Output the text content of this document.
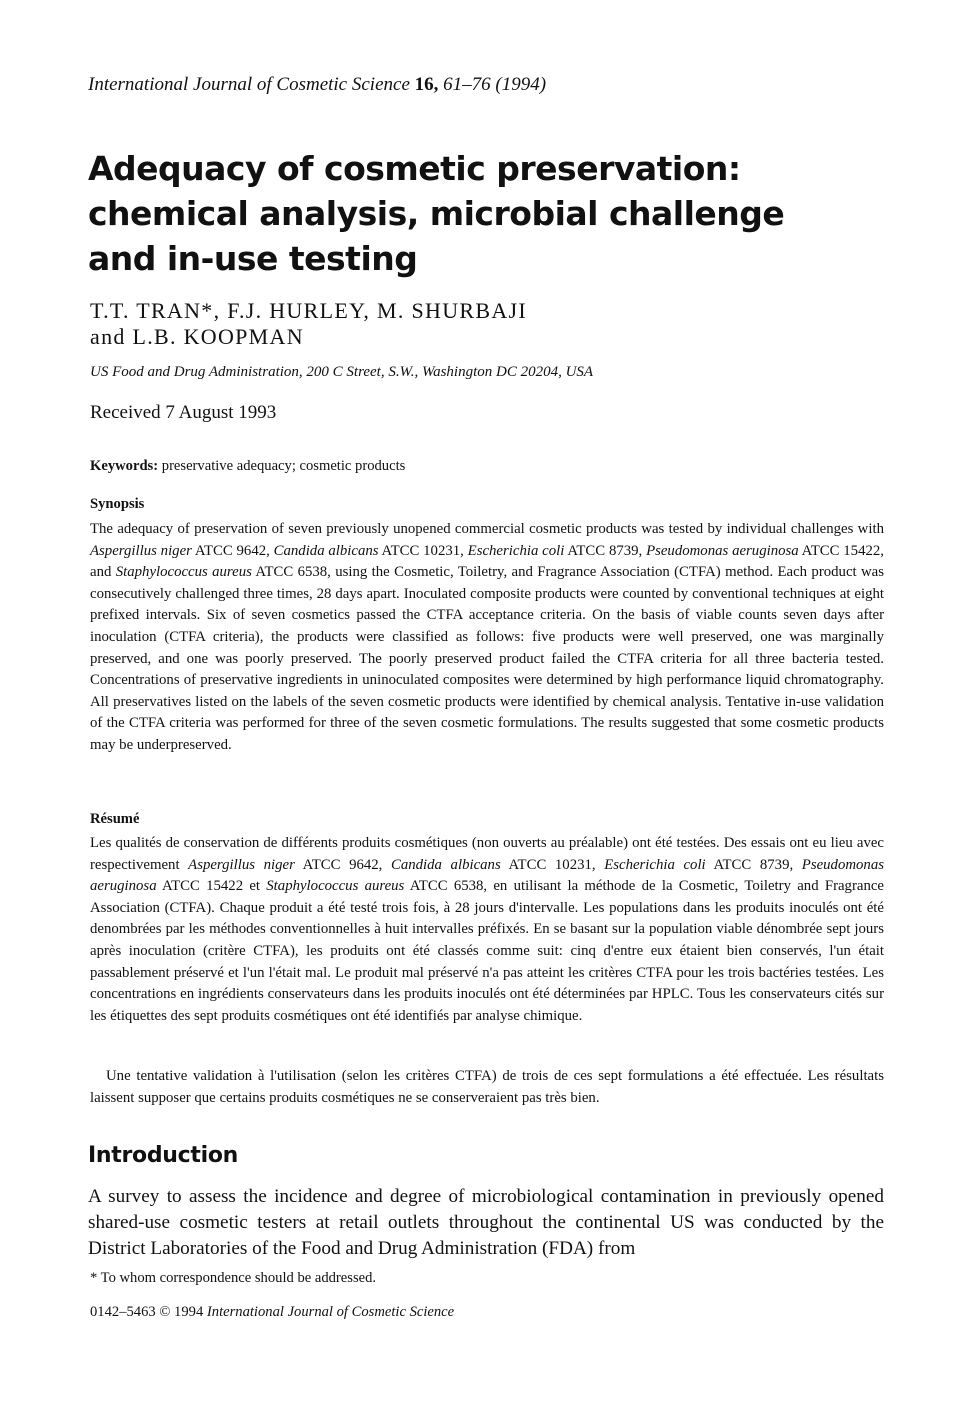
International Journal of Cosmetic Science 16, 61–76 (1994)
Adequacy of cosmetic preservation:
chemical analysis, microbial challenge
and in-use testing
T.T. TRAN*, F.J. HURLEY, M. SHURBAJI
and L.B. KOOPMAN
US Food and Drug Administration, 200 C Street, S.W., Washington DC 20204, USA
Received 7 August 1993
Keywords: preservative adequacy; cosmetic products
Synopsis

The adequacy of preservation of seven previously unopened commercial cosmetic products was tested by individual challenges with Aspergillus niger ATCC 9642, Candida albicans ATCC 10231, Escherichia coli ATCC 8739, Pseudomonas aeruginosa ATCC 15422, and Staphylococcus aureus ATCC 6538, using the Cosmetic, Toiletry, and Fragrance Association (CTFA) method. Each product was consecutively challenged three times, 28 days apart. Inoculated composite products were counted by conventional techniques at eight prefixed intervals. Six of seven cosmetics passed the CTFA acceptance criteria. On the basis of viable counts seven days after inoculation (CTFA criteria), the products were classified as follows: five products were well preserved, one was marginally preserved, and one was poorly preserved. The poorly preserved product failed the CTFA criteria for all three bacteria tested. Concentrations of preservative ingredients in uninoculated composites were determined by high performance liquid chromatography. All preservatives listed on the labels of the seven cosmetic products were identified by chemical analysis. Tentative in-use validation of the CTFA criteria was performed for three of the seven cosmetic formulations. The results suggested that some cosmetic products may be underpreserved.

Résumé

Les qualités de conservation de différents produits cosmétiques (non ouverts au préalable) ont été testées. Des essais ont eu lieu avec respectivement Aspergillus niger ATCC 9642, Candida albicans ATCC 10231, Escherichia coli ATCC 8739, Pseudomonas aeruginosa ATCC 15422 et Staphylococcus aureus ATCC 6538, en utilisant la méthode de la Cosmetic, Toiletry and Fragrance Association (CTFA). Chaque produit a été testé trois fois, à 28 jours d'intervalle. Les populations dans les produits inoculés ont été denombrées par les méthodes conventionnelles à huit intervalles préfixés. En se basant sur la population viable dénombrée sept jours après inoculation (critère CTFA), les produits ont été classés comme suit: cinq d'entre eux étaient bien conservés, l'un était passablement préservé et l'un l'était mal. Le produit mal préservé n'a pas atteint les critères CTFA pour les trois bactéries testées. Les concentrations en ingrédients conservateurs dans les produits inoculés ont été déterminées par HPLC. Tous les conservateurs cités sur les étiquettes des sept produits cosmétiques ont été identifiés par analyse chimique.

Une tentative validation à l'utilisation (selon les critères CTFA) de trois de ces sept formulations a été effectuée. Les résultats laissent supposer que certains produits cosmétiques ne se conserveraient pas très bien.

Introduction

A survey to assess the incidence and degree of microbiological contamination in previously opened shared-use cosmetic testers at retail outlets throughout the continental US was conducted by the District Laboratories of the Food and Drug Administration (FDA) from

* To whom correspondence should be addressed.
0142–5463 © 1994 International Journal of Cosmetic Science
